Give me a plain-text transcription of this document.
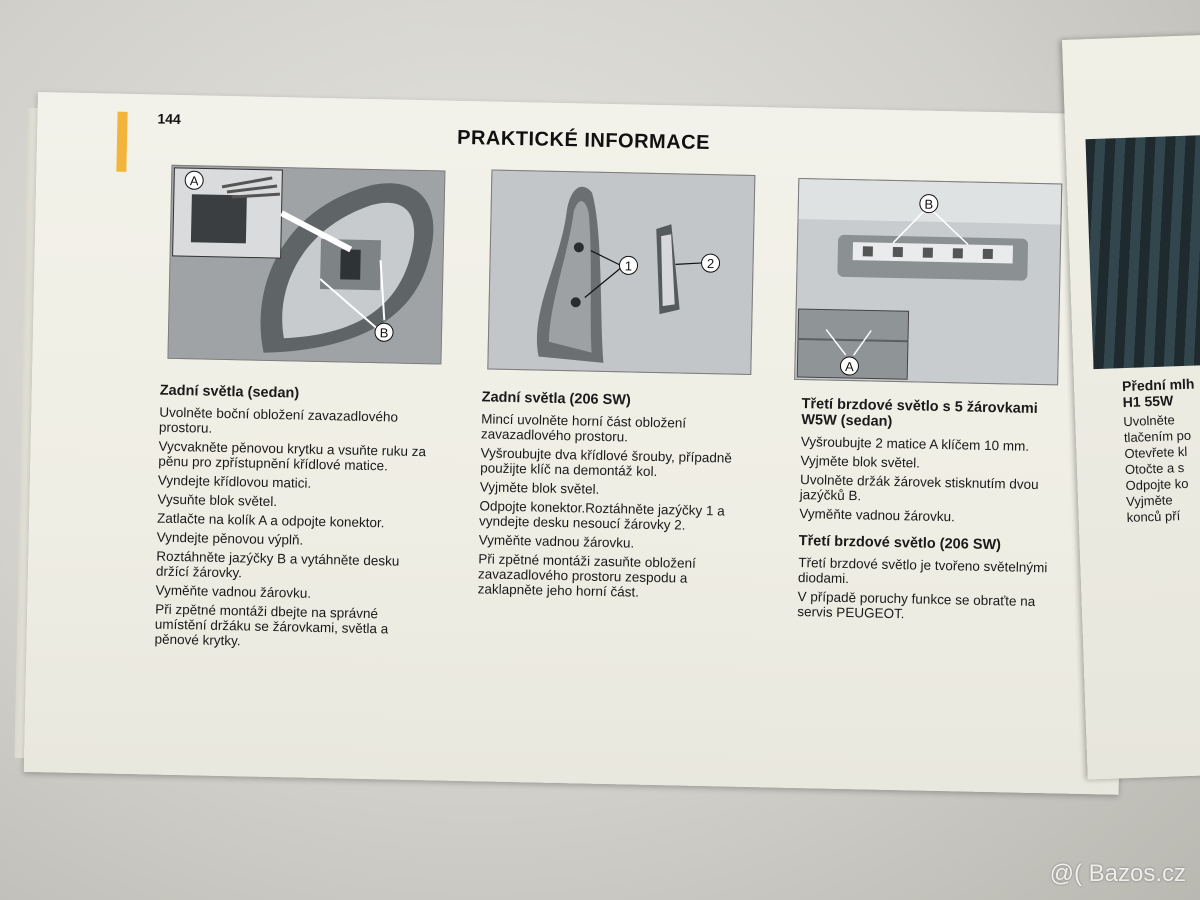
144
PRAKTICKÉ INFORMACE
A
B
1	2
B
A
Zadní světla (sedan)

Uvolněte boční obložení zavazadlového prostoru.

Vycvakněte pěnovou krytku a vsuňte ruku za pěnu pro zpřístupnění křídlové matice.

Vyndejte křídlovou matici.

Vysuňte blok světel.

Zatlačte na kolík A a odpojte konektor.

Vyndejte pěnovou výplň.

Roztáhněte jazýčky B a vytáhněte desku držící žárovky.

Vyměňte vadnou žárovku.

Při zpětné montáži dbejte na správné umístění držáku se žárovkami, světla a pěnové krytky.

Zadní světla (206 SW)

Mincí uvolněte horní část obložení zavazadlového prostoru.

Vyšroubujte dva křídlové šrouby, případně použijte klíč na demontáž kol.

Vyjměte blok světel.

Odpojte konektor.Roztáhněte jazýčky 1 a vyndejte desku nesoucí žárovky 2.

Vyměňte vadnou žárovku.

Při zpětné montáži zasuňte obložení zavazadlového prostoru zespodu a zaklapněte jeho horní část.

Třetí brzdové světlo s 5 žárovkami W5W (sedan)

Vyšroubujte 2 matice A klíčem 10 mm.

Vyjměte blok světel.

Uvolněte držák žárovek stisknutím dvou jazýčků B.

Vyměňte vadnou žárovku.

Třetí brzdové světlo (206 SW)

Třetí brzdové světlo je tvořeno světelnými diodami.

V případě poruchy funkce se obraťte na servis PEUGEOT.

Přední mlh
H1 55W

Uvolněte

tlačením po

Otevřete kl

Otočte a s

Odpojte ko

Vyjměte

konců pří

@( Bazos.cz
